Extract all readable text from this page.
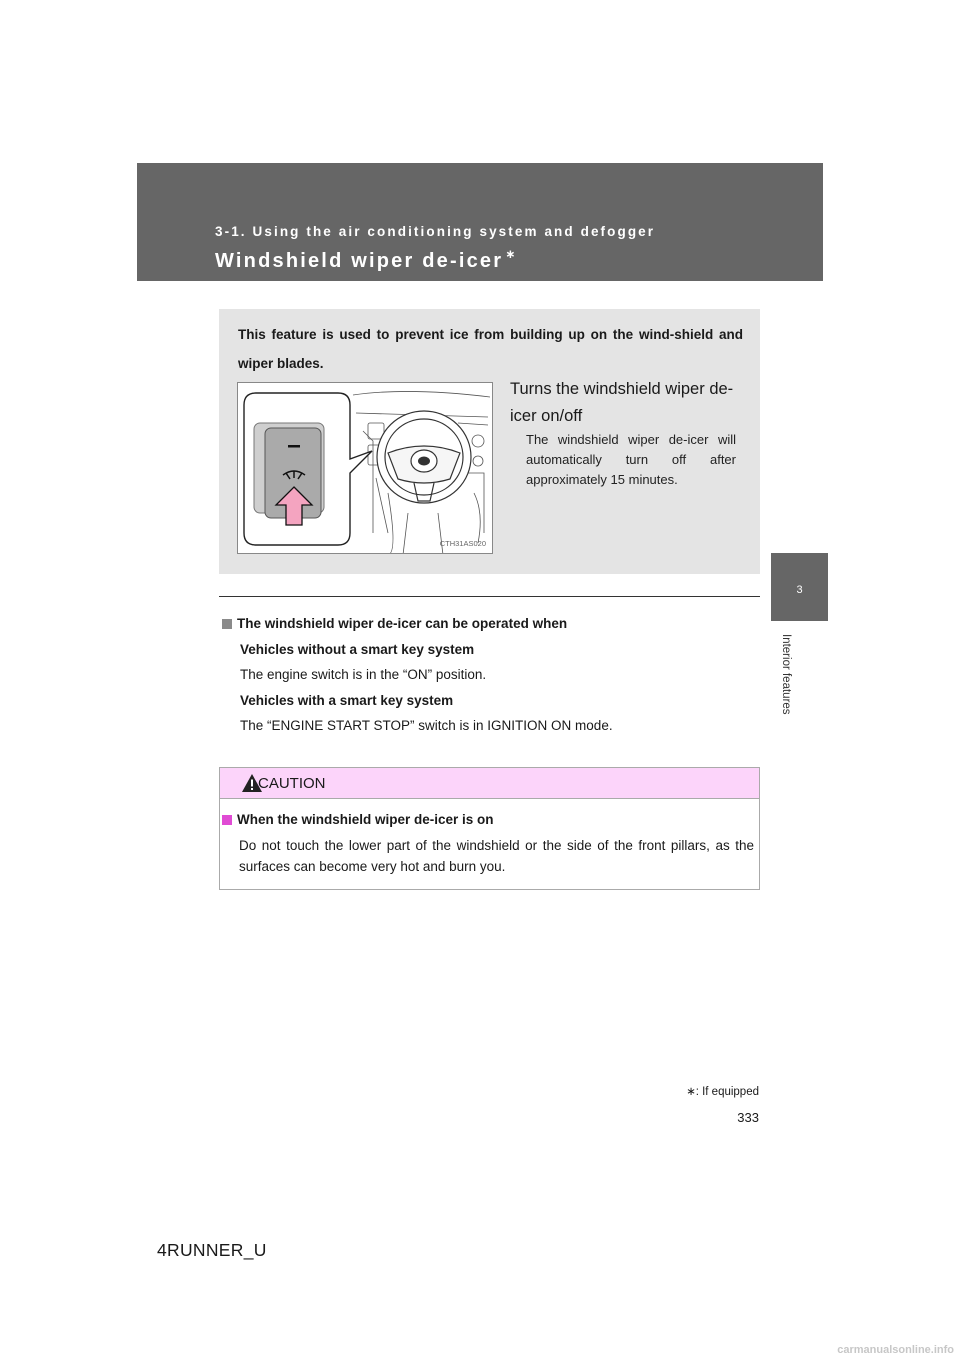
3-1. Using the air conditioning system and defogger
Windshield wiper de-icer ∗
3
Interior features
This feature is used to prevent ice from building up on the wind-shield and wiper blades.
CTH31AS020
Turns the windshield wiper de-icer on/off
The windshield wiper de-icer will automatically turn off after approximately 15 minutes.
The windshield wiper de-icer can be operated when
Vehicles without a smart key system
The engine switch is in the “ON” position.
Vehicles with a smart key system
The “ENGINE START STOP” switch is in IGNITION ON mode.
CAUTION
When the windshield wiper de-icer is on
Do not touch the lower part of the windshield or the side of the front pillars, as the surfaces can become very hot and burn you.
∗: If equipped
333
4RUNNER_U
carmanualsonline.info
